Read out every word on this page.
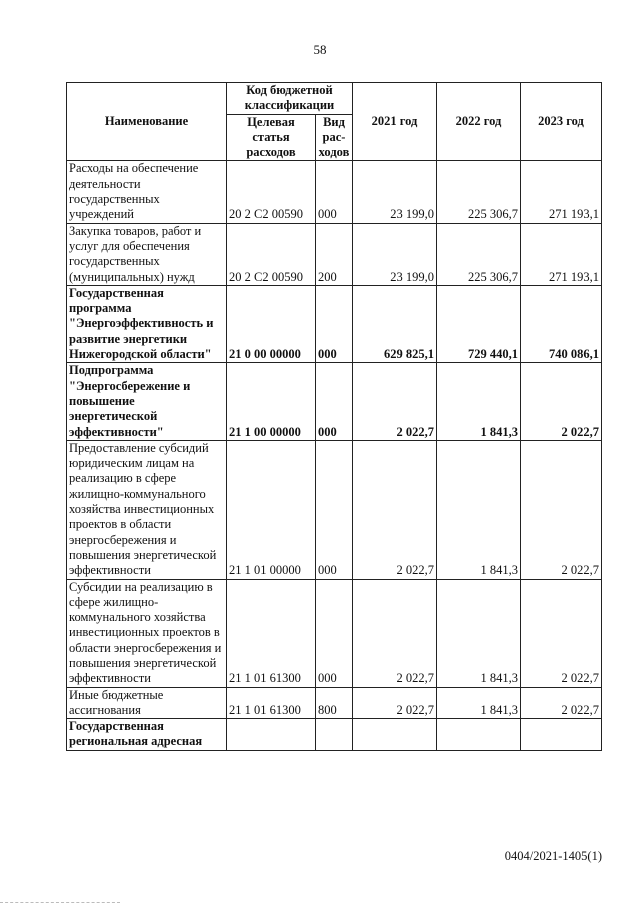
58
Наименование	Код бюджетной классификации		2021 год	2022 год	2023 год
	Целевая статья расходов	Вид рас-ходов			
Расходы на обеспечение деятельности государственных учреждений	20 2 C2 00590	000	23 199,0	225 306,7	271 193,1
Закупка товаров, работ и услуг для обеспечения государственных (муниципальных) нужд	20 2 C2 00590	200	23 199,0	225 306,7	271 193,1
Государственная программа "Энергоэффективность и развитие энергетики Нижегородской области"	21 0 00 00000	000	629 825,1	729 440,1	740 086,1
Подпрограмма "Энергосбережение и повышение энергетической эффективности"	21 1 00 00000	000	2 022,7	1 841,3	2 022,7
Предоставление субсидий юридическим лицам на реализацию в сфере жилищно-коммунального хозяйства инвестиционных проектов в области энергосбережения и повышения энергетической эффективности	21 1 01 00000	000	2 022,7	1 841,3	2 022,7
Субсидии на реализацию в сфере жилищно-коммунального хозяйства инвестиционных проектов в области энергосбережения и повышения энергетической эффективности	21 1 01 61300	000	2 022,7	1 841,3	2 022,7
Иные бюджетные ассигнования	21 1 01 61300	800	2 022,7	1 841,3	2 022,7
Государственная региональная адресная					
0404/2021-1405(1)
